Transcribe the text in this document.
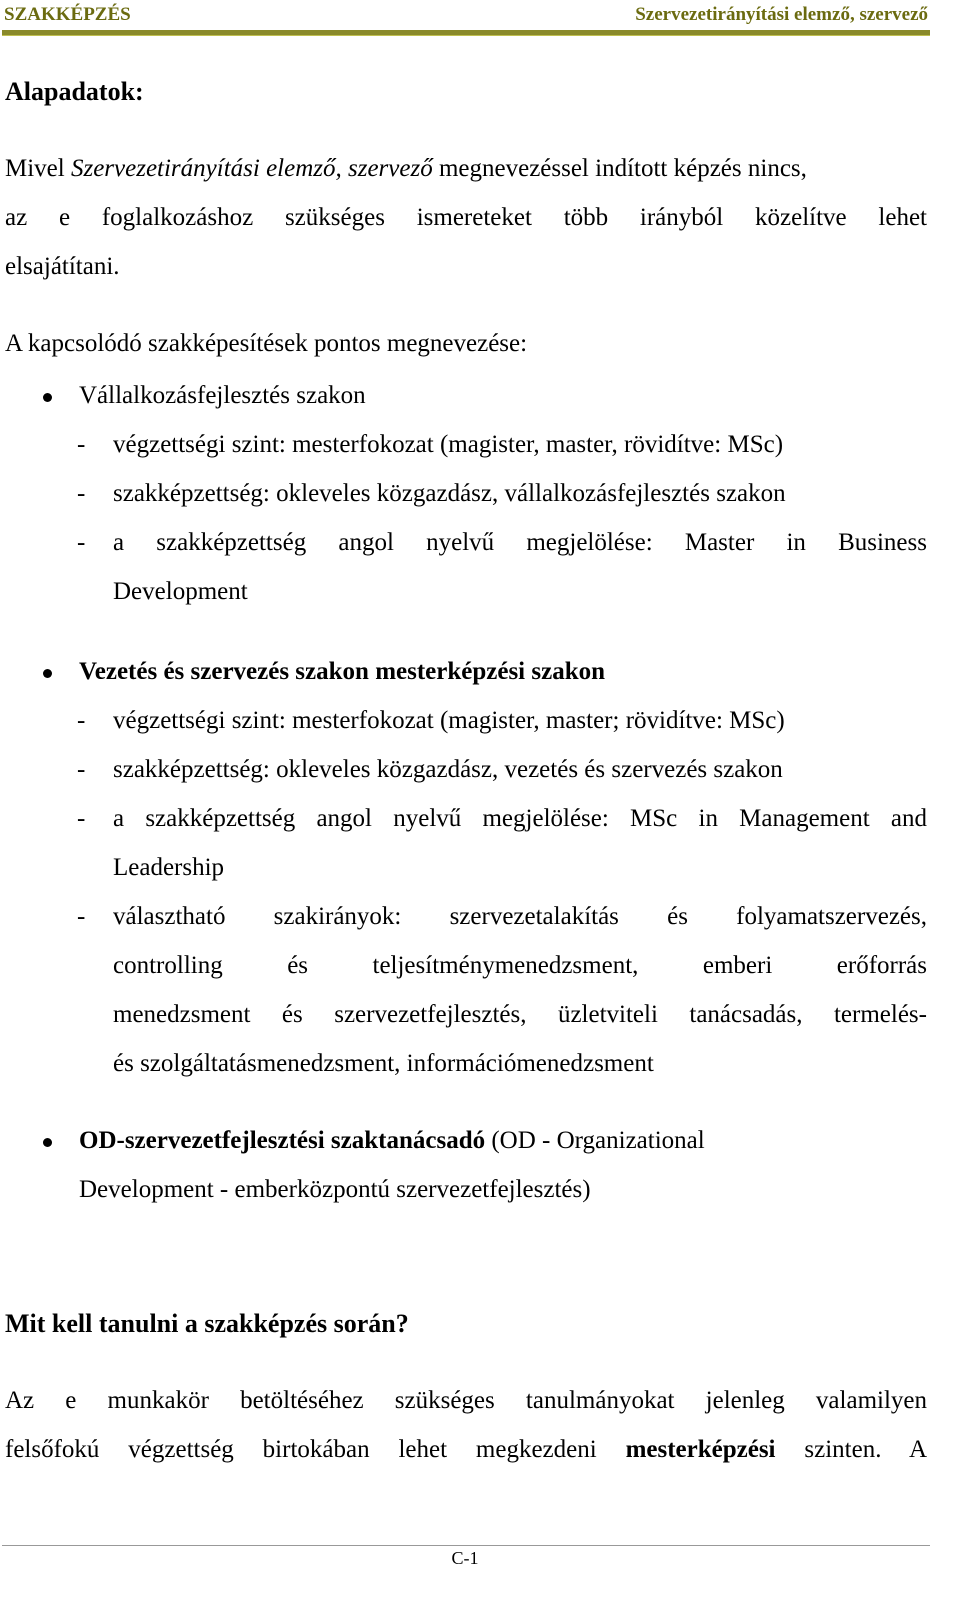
SZAKKÉPZÉS	Szervezetirányítási elemző, szervező
Alapadatok:
Mivel Szervezetirányítási elemző, szervező megnevezéssel indított képzés nincs,
az e foglalkozáshoz szükséges ismereteket több irányból közelítve lehet
elsajátítani.
A kapcsolódó szakképesítések pontos megnevezése:
Vállalkozásfejlesztés szakon
- végzettségi szint: mesterfokozat (magister, master, rövidítve: MSc)
- szakképzettség: okleveles közgazdász, vállalkozásfejlesztés szakon
- a szakképzettség angol nyelvű megjelölése: Master in Business
Development
Vezetés és szervezés szakon mesterképzési szakon
- végzettségi szint: mesterfokozat (magister, master; rövidítve: MSc)
- szakképzettség: okleveles közgazdász, vezetés és szervezés szakon
- a szakképzettség angol nyelvű megjelölése: MSc in Management and
Leadership
- választható szakirányok: szervezetalakítás és folyamatszervezés,
controlling és teljesítménymenedzsment, emberi erőforrás
menedzsment és szervezetfejlesztés, üzletviteli tanácsadás, termelés-
és szolgáltatásmenedzsment, információmenedzsment
OD-szervezetfejlesztési szaktanácsadó (OD - Organizational
Development - emberközpontú szervezetfejlesztés)
Mit kell tanulni a szakképzés során?
Az e munkakör betöltéséhez szükséges tanulmányokat jelenleg valamilyen
felsőfokú végzettség birtokában lehet megkezdeni mesterképzési szinten. A
C-1
